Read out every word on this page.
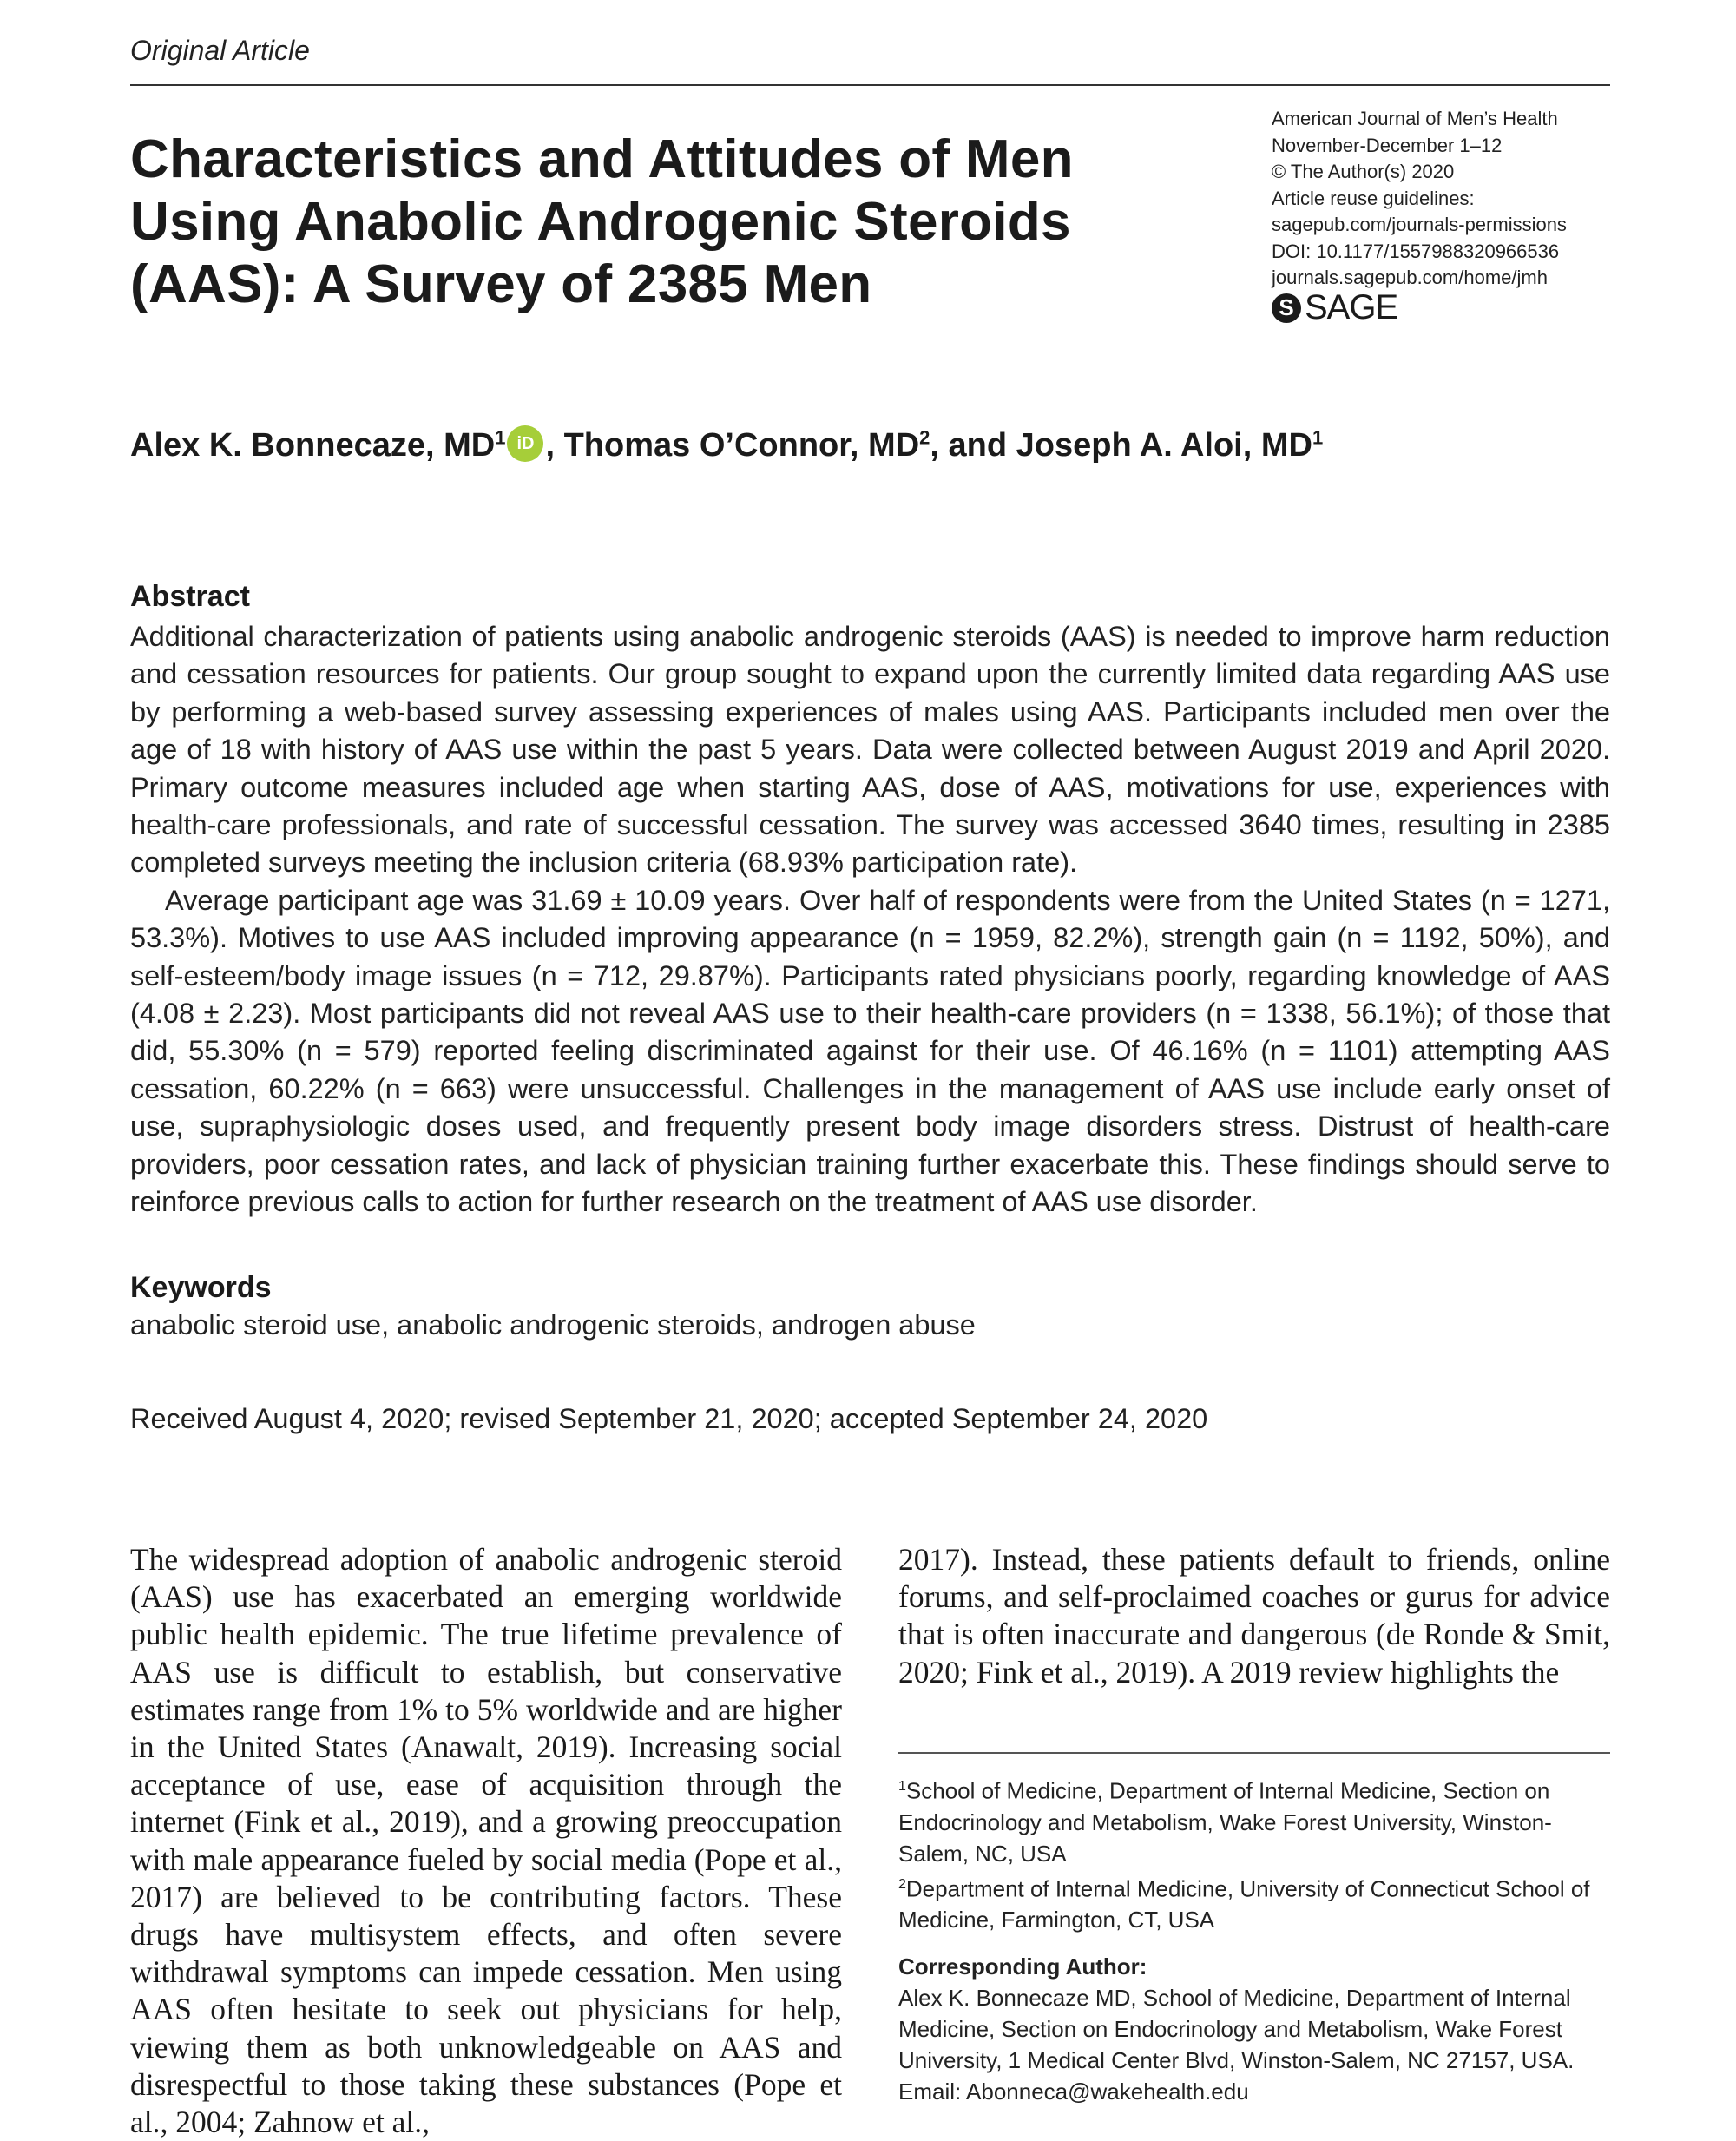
Original Article
Characteristics and Attitudes of Men Using Anabolic Androgenic Steroids (AAS): A Survey of 2385 Men
American Journal of Men’s Health
November-December 1–12
© The Author(s) 2020
Article reuse guidelines:
sagepub.com/journals-permissions
DOI: 10.1177/1557988320966536
journals.sagepub.com/home/jmh
S SAGE
Alex K. Bonnecaze, $MD^1$ iD , Thomas O’Connor, $MD^2$, and Joseph A. Aloi, $MD^1$
Abstract

Additional characterization of patients using anabolic androgenic steroids (AAS) is needed to improve harm reduction and cessation resources for patients. Our group sought to expand upon the currently limited data regarding AAS use by performing a web-based survey assessing experiences of males using AAS. Participants included men over the age of 18 with history of AAS use within the past 5 years. Data were collected between August 2019 and April 2020. Primary outcome measures included age when starting AAS, dose of AAS, motivations for use, experiences with health-care professionals, and rate of successful cessation. The survey was accessed 3640 times, resulting in 2385 completed surveys meeting the inclusion criteria (68.93% participation rate).

Average participant age was 31.69 ± 10.09 years. Over half of respondents were from the United States (n = 1271, 53.3%). Motives to use AAS included improving appearance (n = 1959, 82.2%), strength gain (n = 1192, 50%), and self-esteem/body image issues (n = 712, 29.87%). Participants rated physicians poorly, regarding knowledge of AAS (4.08 ± 2.23). Most participants did not reveal AAS use to their health-care providers (n = 1338, 56.1%); of those that did, 55.30% (n = 579) reported feeling discriminated against for their use. Of 46.16% (n = 1101) attempting AAS cessation, 60.22% (n = 663) were unsuccessful. Challenges in the management of AAS use include early onset of use, supraphysiologic doses used, and frequently present body image disorders stress. Distrust of health-care providers, poor cessation rates, and lack of physician training further exacerbate this. These findings should serve to reinforce previous calls to action for further research on the treatment of AAS use disorder.

Keywords
anabolic steroid use, anabolic androgenic steroids, androgen abuse
Received August 4, 2020; revised September 21, 2020; accepted September 24, 2020
The widespread adoption of anabolic androgenic steroid (AAS) use has exacerbated an emerging worldwide public health epidemic. The true lifetime prevalence of AAS use is difficult to establish, but conservative estimates range from 1% to 5% worldwide and are higher in the United States (Anawalt, 2019). Increasing social acceptance of use, ease of acquisition through the internet (Fink et al., 2019), and a growing preoccupation with male appearance fueled by social media (Pope et al., 2017) are believed to be contributing factors. These drugs have multisystem effects, and often severe withdrawal symptoms can impede cessation. Men using AAS often hesitate to seek out physicians for help, viewing them as both unknowledgeable on AAS and disrespectful to those taking these substances (Pope et al., 2004; Zahnow et al.,
2017). Instead, these patients default to friends, online forums, and self-proclaimed coaches or gurus for advice that is often inaccurate and dangerous (de Ronde & Smit, 2020; Fink et al., 2019). A 2019 review highlights the

$^1$School of Medicine, Department of Internal Medicine, Section on Endocrinology and Metabolism, Wake Forest University, Winston-Salem, NC, USA

$^2$Department of Internal Medicine, University of Connecticut School of Medicine, Farmington, CT, USA

Corresponding Author:

Alex K. Bonnecaze MD, School of Medicine, Department of Internal Medicine, Section on Endocrinology and Metabolism, Wake Forest University, 1 Medical Center Blvd, Winston-Salem, NC 27157, USA.

Email: Abonneca@wakehealth.edu
